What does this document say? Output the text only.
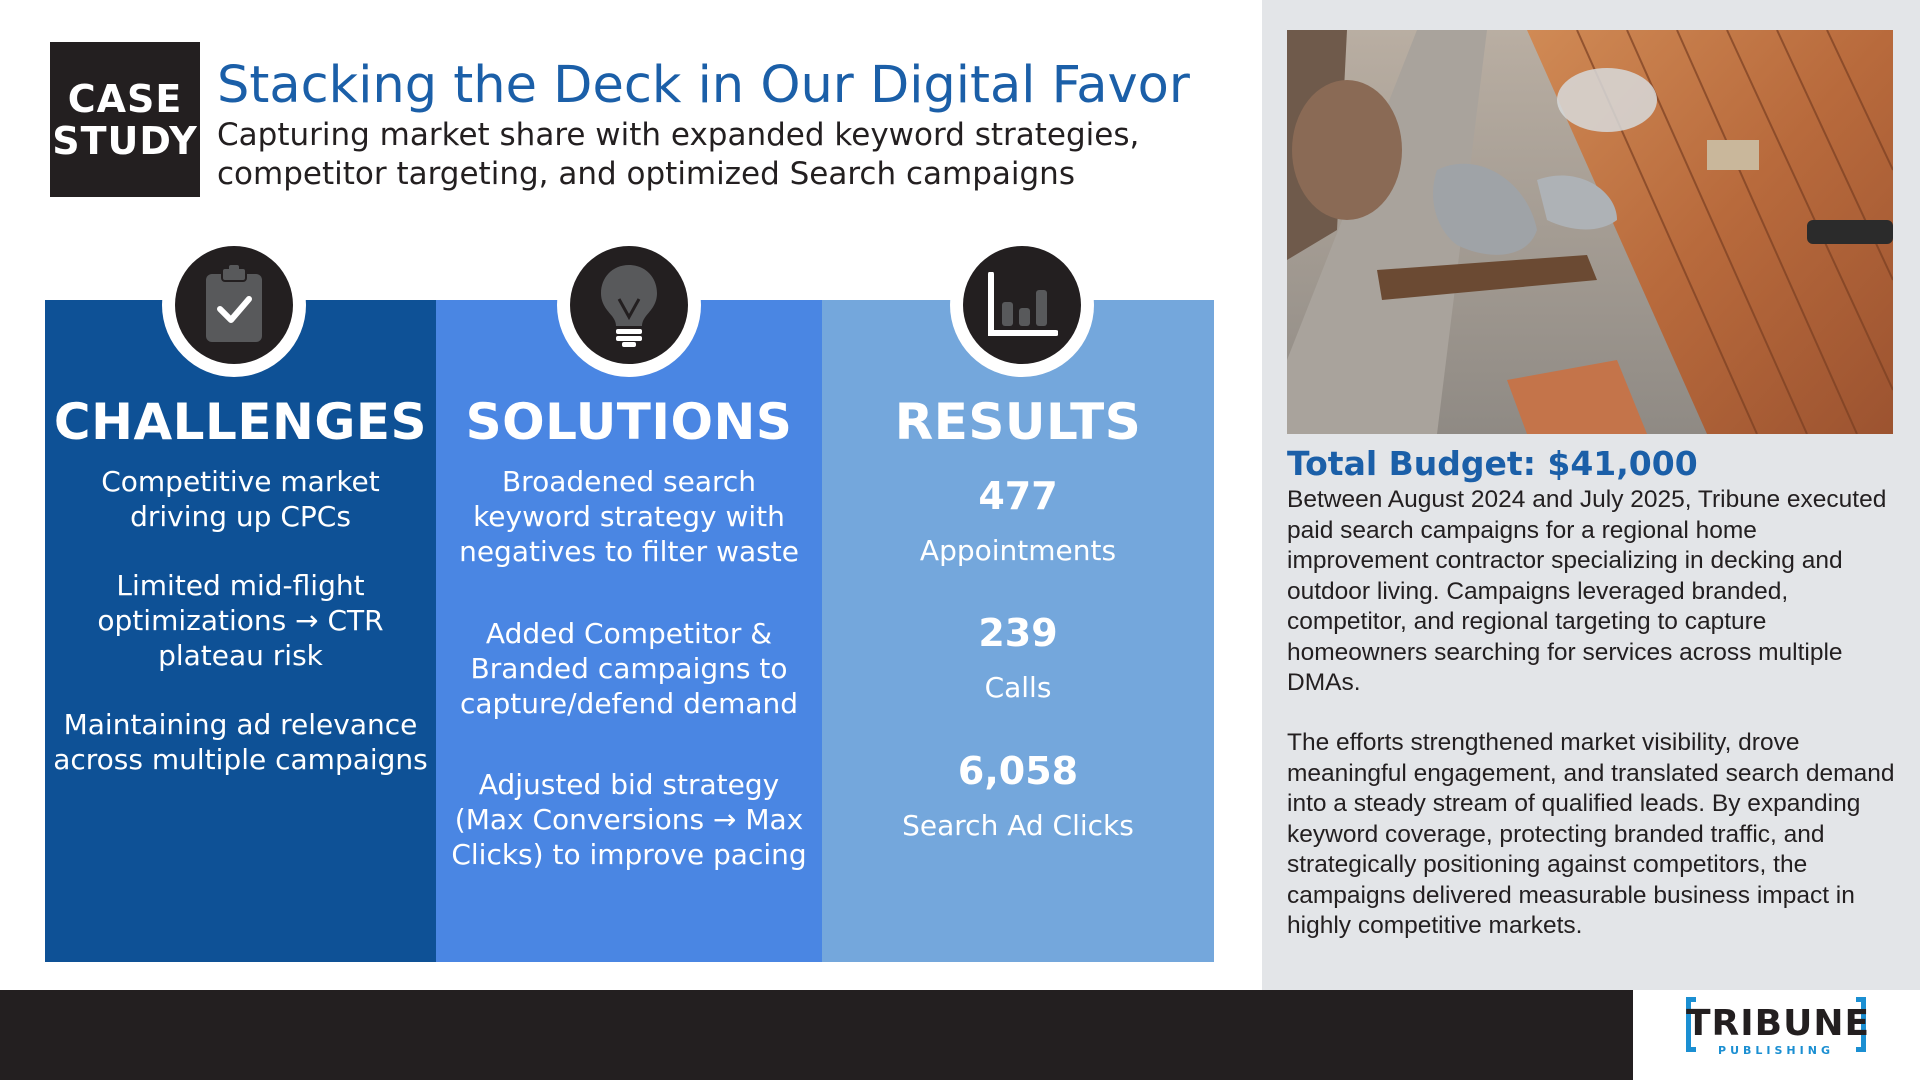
CASE
STUDY
Stacking the Deck in Our Digital Favor
Capturing market share with expanded keyword strategies, competitor targeting, and optimized Search campaigns
CHALLENGES
Competitive market driving up CPCs
Limited mid-flight optimizations → CTR plateau risk
Maintaining ad relevance across multiple campaigns
SOLUTIONS
Broadened search keyword strategy with negatives to filter waste
Added Competitor & Branded campaigns to capture/defend demand
Adjusted bid strategy (Max Conversions → Max Clicks) to improve pacing
RESULTS
477
Appointments
239
Calls
6,058
Search Ad Clicks
Total Budget: $41,000
Between August 2024 and July 2025, Tribune executed paid search campaigns for a regional home improvement contractor specializing in decking and outdoor living. Campaigns leveraged branded, competitor, and regional targeting to capture homeowners searching for services across multiple DMAs.
The efforts strengthened market visibility, drove meaningful engagement, and translated search demand into a steady stream of qualified leads. By expanding keyword coverage, protecting branded traffic, and strategically positioning against competitors, the campaigns delivered measurable business impact in highly competitive markets.
TRIBUNE
PUBLISHING
